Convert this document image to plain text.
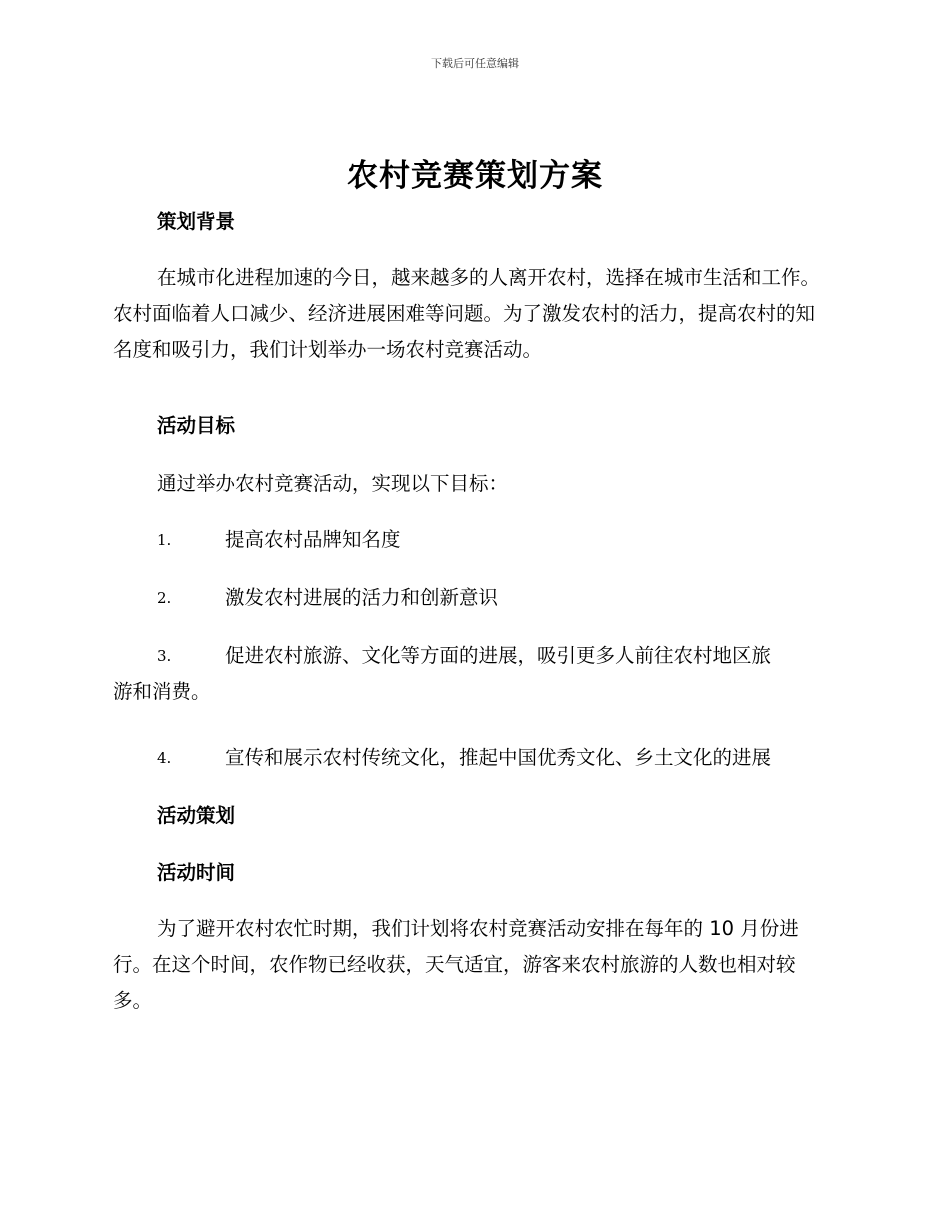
下载后可任意编辑
农村竞赛策划方案
策划背景

在城市化进程加速的今日，越来越多的人离开农村，选择在城市生活和工作。农村面临着人口减少、经济进展困难等问题。为了激发农村的活力，提高农村的知名度和吸引力，我们计划举办一场农村竞赛活动。

活动目标

通过举办农村竞赛活动，实现以下目标：

1.	提高农村品牌知名度
2.	激发农村进展的活力和创新意识
3.	促进农村旅游、文化等方面的进展，吸引更多人前往农村地区旅
游和消费。
4.	宣传和展示农村传统文化，推起中国优秀文化、乡土文化的进展
活动策划
活动时间

为了避开农村农忙时期，我们计划将农村竞赛活动安排在每年的 10 月份进行。在这个时间，农作物已经收获，天气适宜，游客来农村旅游的人数也相对较多。
